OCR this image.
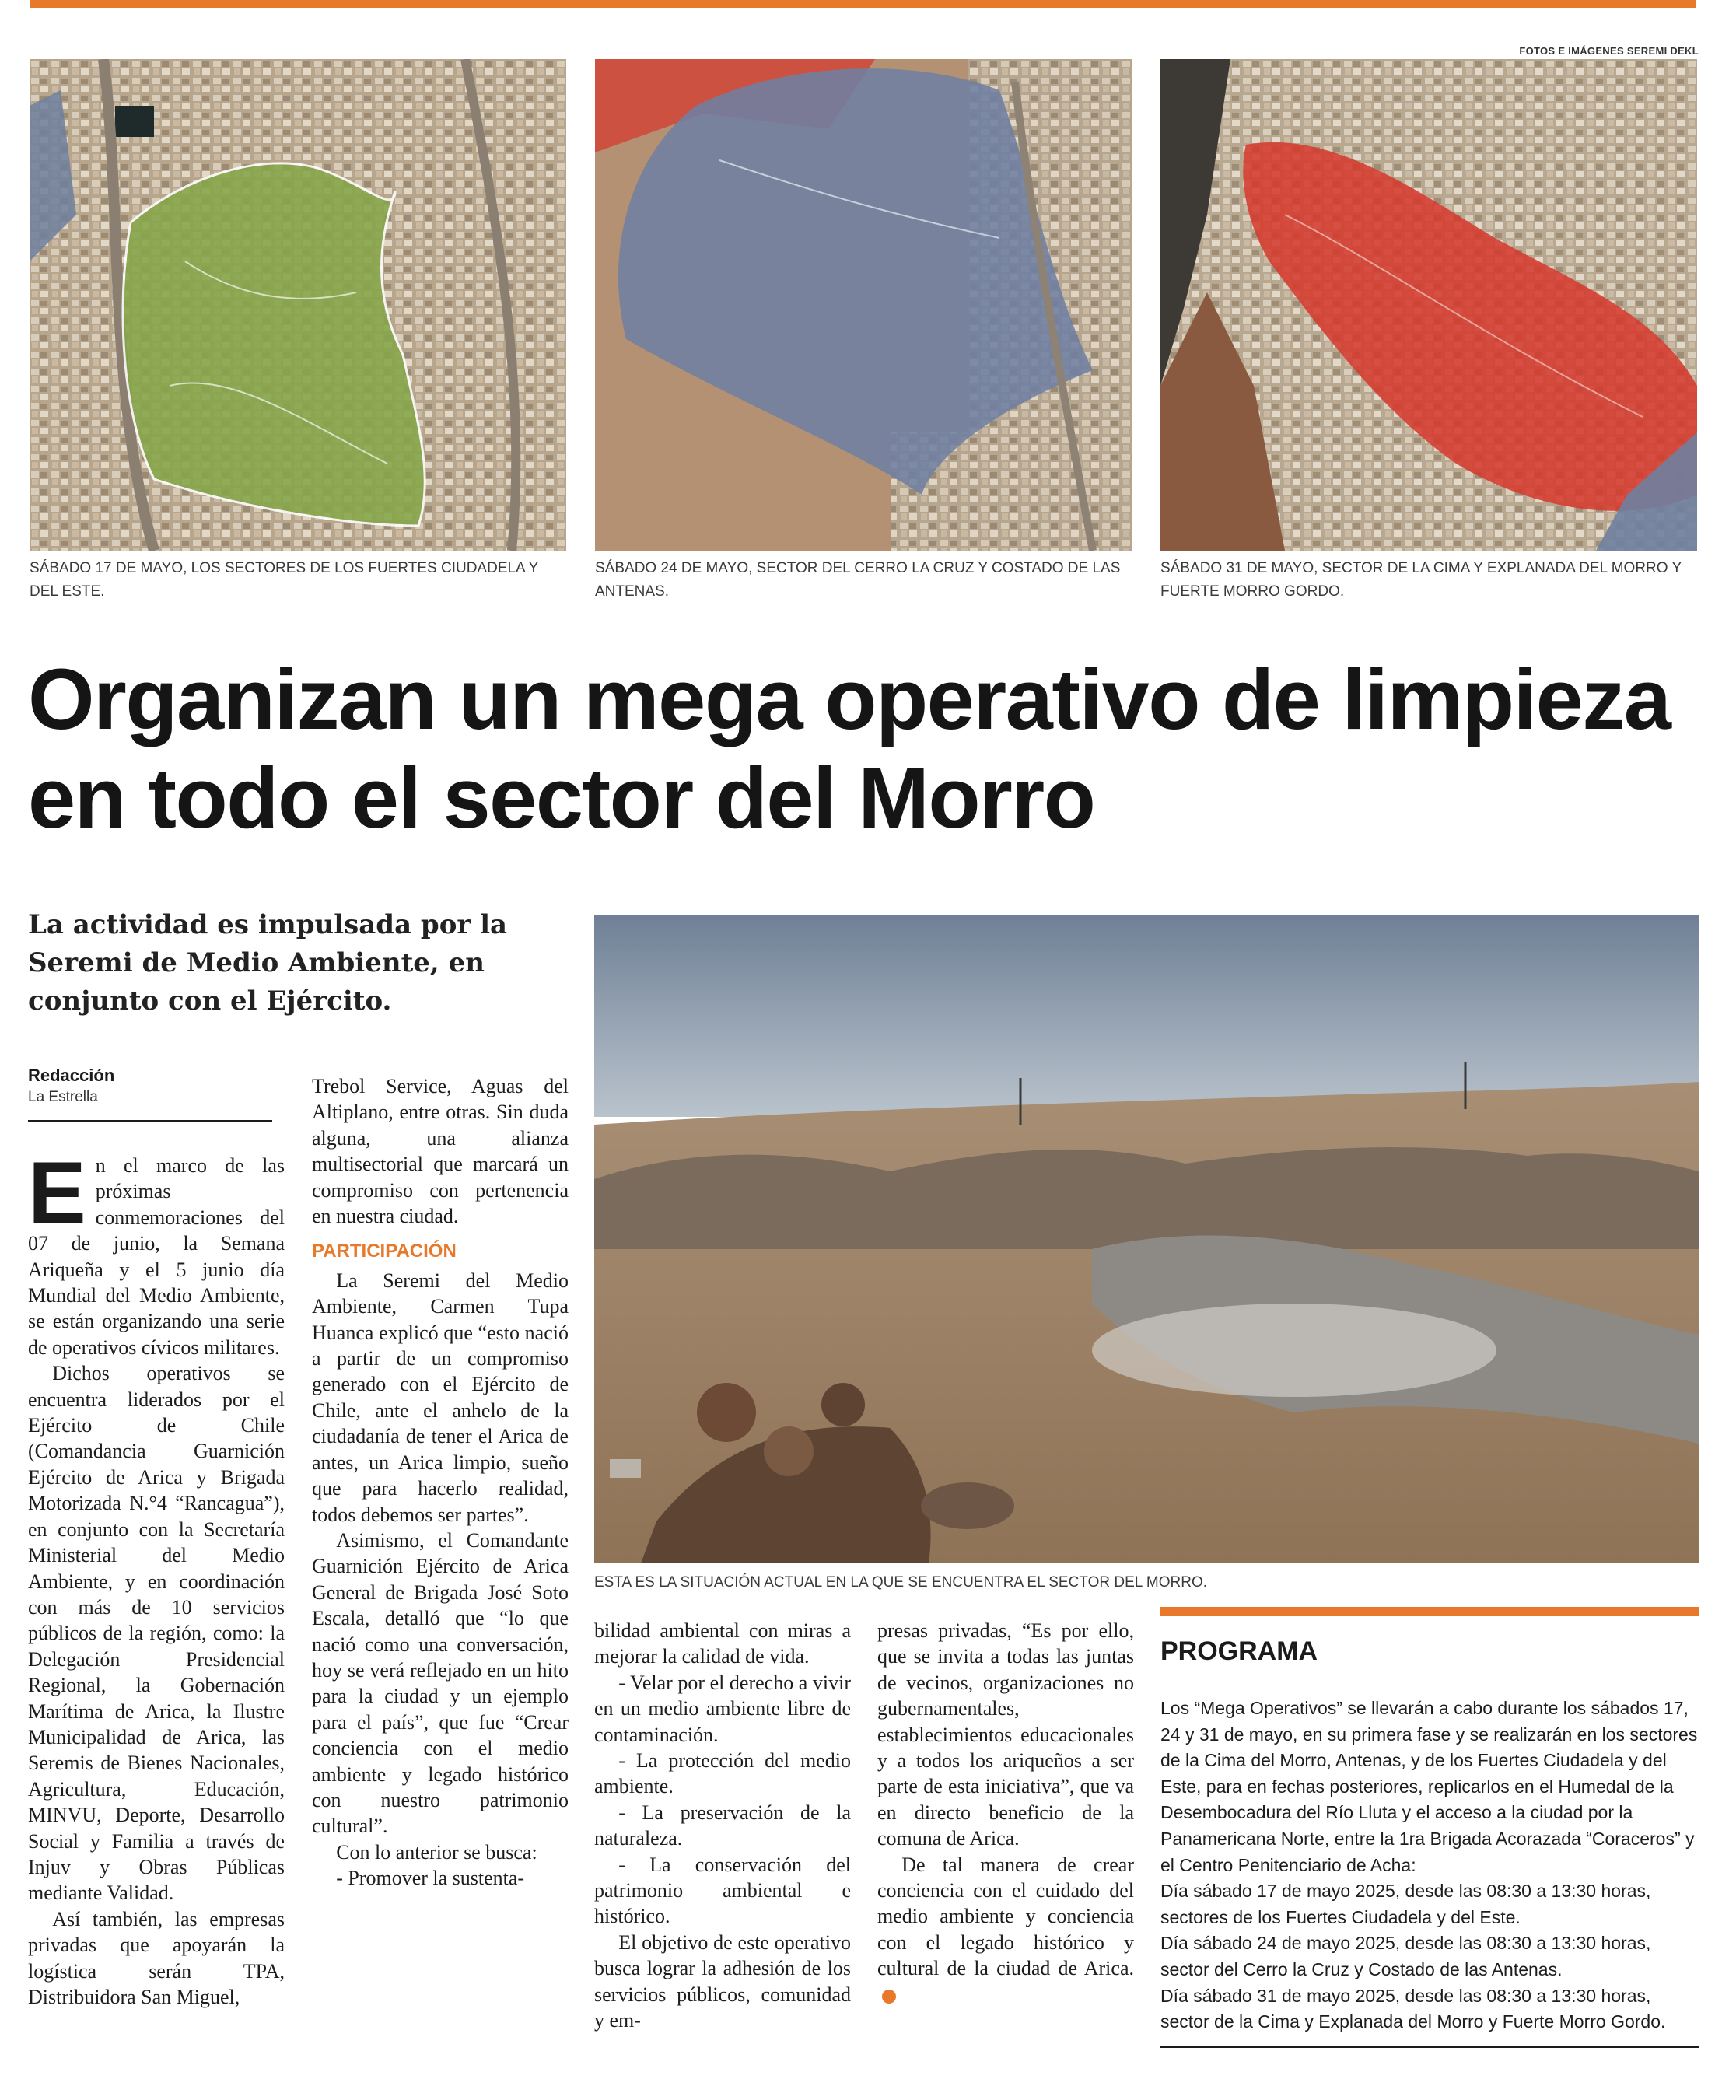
FOTOS E IMÁGENES SEREMI DEKL
SÁBADO 17 DE MAYO, LOS SECTORES DE LOS FUERTES CIUDADELA Y DEL ESTE.
SÁBADO 24 DE MAYO, SECTOR DEL CERRO LA CRUZ Y COSTADO DE LAS ANTENAS.
SÁBADO 31 DE MAYO, SECTOR DE LA CIMA Y EXPLANADA DEL MORRO Y FUERTE MORRO GORDO.
Organizan un mega operativo de limpieza en todo el sector del Morro
La actividad es impulsada por la Seremi de Medio Ambiente, en conjunto con el Ejército.
Redacción
La Estrella

En el marco de las próximas conmemoraciones del 07 de junio, la Semana Ariqueña y el 5 junio día Mundial del Medio Ambiente, se están organizando una serie de operativos cívicos militares.

Dichos operativos se encuentra liderados por el Ejército de Chile (Comandancia Guarnición Ejército de Arica y Brigada Motorizada N.°4 “Rancagua”), en conjunto con la Secretaría Ministerial del Medio Ambiente, y en coordinación con más de 10 servicios públicos de la región, como: la Delegación Presidencial Regional, la Gobernación Marítima de Arica, la Ilustre Municipalidad de Arica, las Seremis de Bienes Nacionales, Agricultura, Educación, MINVU, Deporte, Desarrollo Social y Familia a través de Injuv y Obras Públicas mediante Validad.

Así también, las empresas privadas que apoyarán la logística serán TPA, Distribuidora San Miguel,

Trebol Service, Aguas del Altiplano, entre otras. Sin duda alguna, una alianza multisectorial que marcará un compromiso con pertenencia en nuestra ciudad.

PARTICIPACIÓN

La Seremi del Medio Ambiente, Carmen Tupa Huanca explicó que “esto nació a partir de un compromiso generado con el Ejército de Chile, ante el anhelo de la ciudadanía de tener el Arica de antes, un Arica limpio, sueño que para hacerlo realidad, todos debemos ser partes”.

Asimismo, el Comandante Guarnición Ejército de Arica General de Brigada José Soto Escala, detalló que “lo que nació como una conversación, hoy se verá reflejado en un hito para la ciudad y un ejemplo para el país”, que fue “Crear conciencia con el medio ambiente y legado histórico con nuestro patrimonio cultural”.

Con lo anterior se busca:

- Promover la sustenta-

ESTA ES LA SITUACIÓN ACTUAL EN LA QUE SE ENCUENTRA EL SECTOR DEL MORRO.

bilidad ambiental con miras a mejorar la calidad de vida.

- Velar por el derecho a vivir en un medio ambiente libre de contaminación.

- La protección del medio ambiente.

- La preservación de la naturaleza.

- La conservación del patrimonio ambiental e histórico.

El objetivo de este operativo busca lograr la adhesión de los servicios públicos, comunidad y em-

presas privadas, “Es por ello, que se invita a todas las juntas de vecinos, organizaciones no gubernamentales, establecimientos educacionales y a todos los ariqueños a ser parte de esta iniciativa”, que va en directo beneficio de la comuna de Arica.

De tal manera de crear conciencia con el cuidado del medio ambiente y conciencia con el legado histórico y cultural de la ciudad de Arica.

PROGRAMA
Los “Mega Operativos” se llevarán a cabo durante los sábados 17, 24 y 31 de mayo, en su primera fase y se realizarán en los sectores de la Cima del Morro, Antenas, y de los Fuertes Ciudadela y del Este, para en fechas posteriores, replicarlos en el Humedal de la Desembocadura del Río Lluta y el acceso a la ciudad por la Panamericana Norte, entre la 1ra Brigada Acorazada “Coraceros” y el Centro Penitenciario de Acha:
Día sábado 17 de mayo 2025, desde las 08:30 a 13:30 horas,
sectores de los Fuertes Ciudadela y del Este.
Día sábado 24 de mayo 2025, desde las 08:30 a 13:30 horas,
sector del Cerro la Cruz y Costado de las Antenas.
Día sábado 31 de mayo 2025, desde las 08:30 a 13:30 horas,
sector de la Cima y Explanada del Morro y Fuerte Morro Gordo.
